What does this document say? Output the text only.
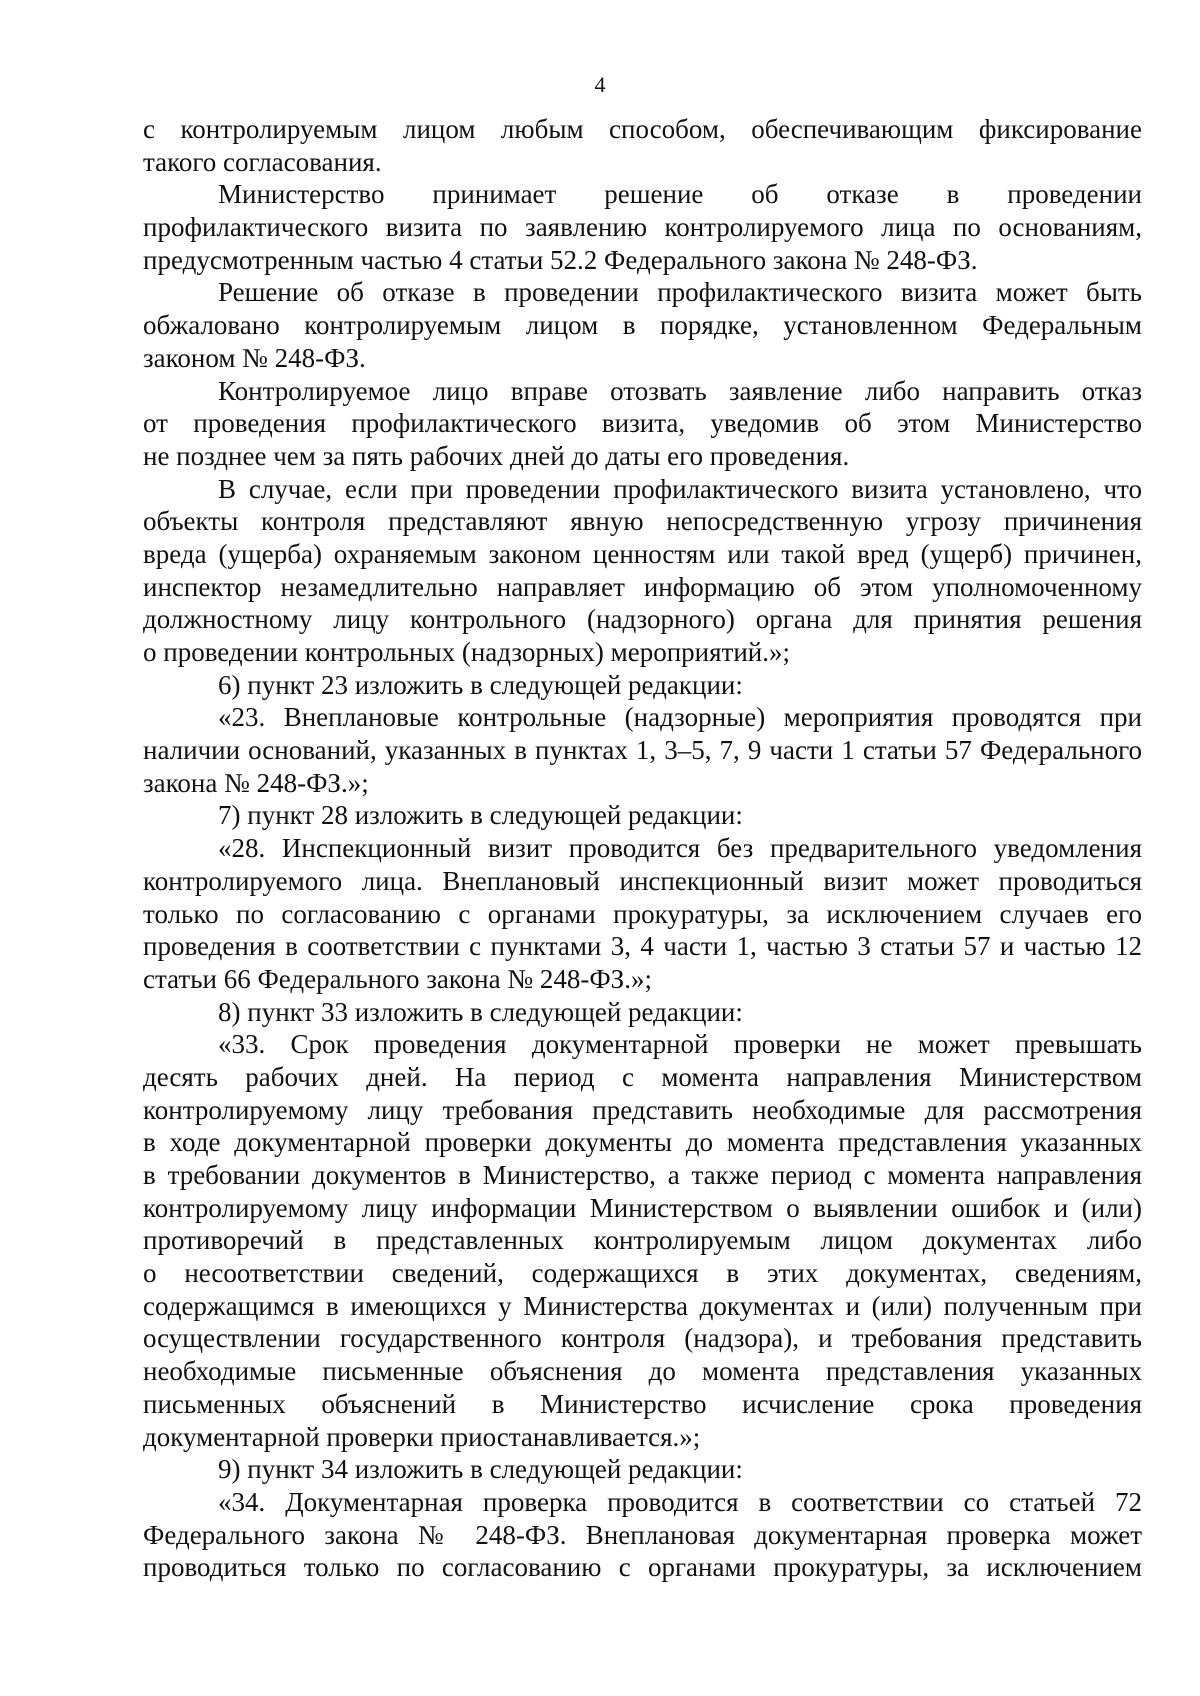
4
с контролируемым лицом любым способом, обеспечивающим фиксирование
такого согласования.
Министерство принимает решение об отказе в проведении
профилактического визита по заявлению контролируемого лица по основаниям,
предусмотренным частью 4 статьи 52.2 Федерального закона № 248-ФЗ.
Решение об отказе в проведении профилактического визита может быть
обжаловано контролируемым лицом в порядке, установленном Федеральным
законом № 248-ФЗ.
Контролируемое лицо вправе отозвать заявление либо направить отказ
от проведения профилактического визита, уведомив об этом Министерство
не позднее чем за пять рабочих дней до даты его проведения.
В случае, если при проведении профилактического визита установлено, что
объекты контроля представляют явную непосредственную угрозу причинения
вреда (ущерба) охраняемым законом ценностям или такой вред (ущерб) причинен,
инспектор незамедлительно направляет информацию об этом уполномоченному
должностному лицу контрольного (надзорного) органа для принятия решения
о проведении контрольных (надзорных) мероприятий.»;
6) пункт 23 изложить в следующей редакции:
«23. Внеплановые контрольные (надзорные) мероприятия проводятся при
наличии оснований, указанных в пунктах 1, 3–5, 7, 9 части 1 статьи 57 Федерального
закона № 248-ФЗ.»;
7) пункт 28 изложить в следующей редакции:
«28. Инспекционный визит проводится без предварительного уведомления
контролируемого лица. Внеплановый инспекционный визит может проводиться
только по согласованию с органами прокуратуры, за исключением случаев его
проведения в соответствии с пунктами 3, 4 части 1, частью 3 статьи 57 и частью 12
статьи 66 Федерального закона № 248-ФЗ.»;
8) пункт 33 изложить в следующей редакции:
«33. Срок проведения документарной проверки не может превышать
десять рабочих дней. На период с момента направления Министерством
контролируемому лицу требования представить необходимые для рассмотрения
в ходе документарной проверки документы до момента представления указанных
в требовании документов в Министерство, а также период с момента направления
контролируемому лицу информации Министерством о выявлении ошибок и (или)
противоречий в представленных контролируемым лицом документах либо
о несоответствии сведений, содержащихся в этих документах, сведениям,
содержащимся в имеющихся у Министерства документах и (или) полученным при
осуществлении государственного контроля (надзора), и требования представить
необходимые письменные объяснения до момента представления указанных
письменных объяснений в Министерство исчисление срока проведения
документарной проверки приостанавливается.»;
9) пункт 34 изложить в следующей редакции:
«34. Документарная проверка проводится в соответствии со статьей 72
Федерального закона № 248-ФЗ. Внеплановая документарная проверка может
проводиться только по согласованию с органами прокуратуры, за исключением
